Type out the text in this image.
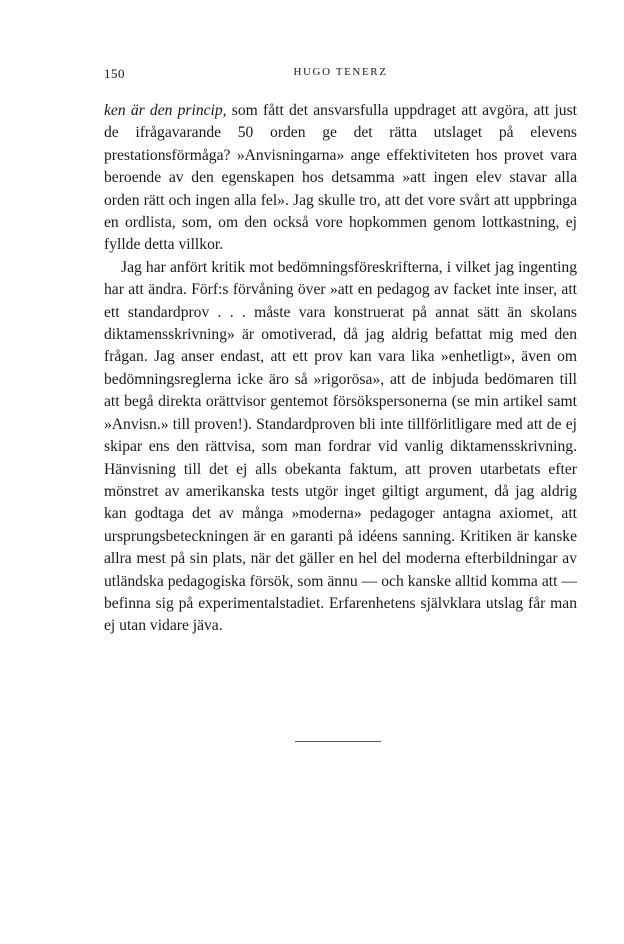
150	HUGO TENERZ

ken är den princip, som fått det ansvarsfulla uppdraget att avgöra, att just de ifrågavarande 50 orden ge det rätta utslaget på elevens prestationsförmåga? »Anvisningarna» ange effektiviteten hos provet vara beroende av den egenskapen hos detsamma »att ingen elev stavar alla orden rätt och ingen alla fel». Jag skulle tro, att det vore svårt att uppbringa en ordlista, som, om den också vore hopkommen genom lottkastning, ej fyllde detta villkor.

Jag har anfört kritik mot bedömningsföreskrifterna, i vilket jag ingenting har att ändra. Förf:s förvåning över »att en pedagog av facket inte inser, att ett standardprov . . . måste vara konstruerat på annat sätt än skolans diktamensskrivning» är omotiverad, då jag aldrig befattat mig med den frågan. Jag anser endast, att ett prov kan vara lika »enhetligt», även om bedömningsreglerna icke äro så »rigorösa», att de inbjuda bedömaren till att begå direkta orättvisor gentemot försökspersonerna (se min artikel samt »Anvisn.» till proven!). Standardproven bli inte tillförlitligare med att de ej skipar ens den rättvisa, som man fordrar vid vanlig diktamensskrivning. Hänvisning till det ej alls obekanta faktum, att proven utarbetats efter mönstret av amerikanska tests utgör inget giltigt argument, då jag aldrig kan godtaga det av många »moderna» pedagoger antagna axiomet, att ursprungsbeteckningen är en garanti på idéens sanning. Kritiken är kanske allra mest på sin plats, när det gäller en hel del moderna efterbildningar av utländska pedagogiska försök, som ännu — och kanske alltid komma att — befinna sig på experimentalstadiet. Erfarenhetens självklara utslag får man ej utan vidare jäva.
